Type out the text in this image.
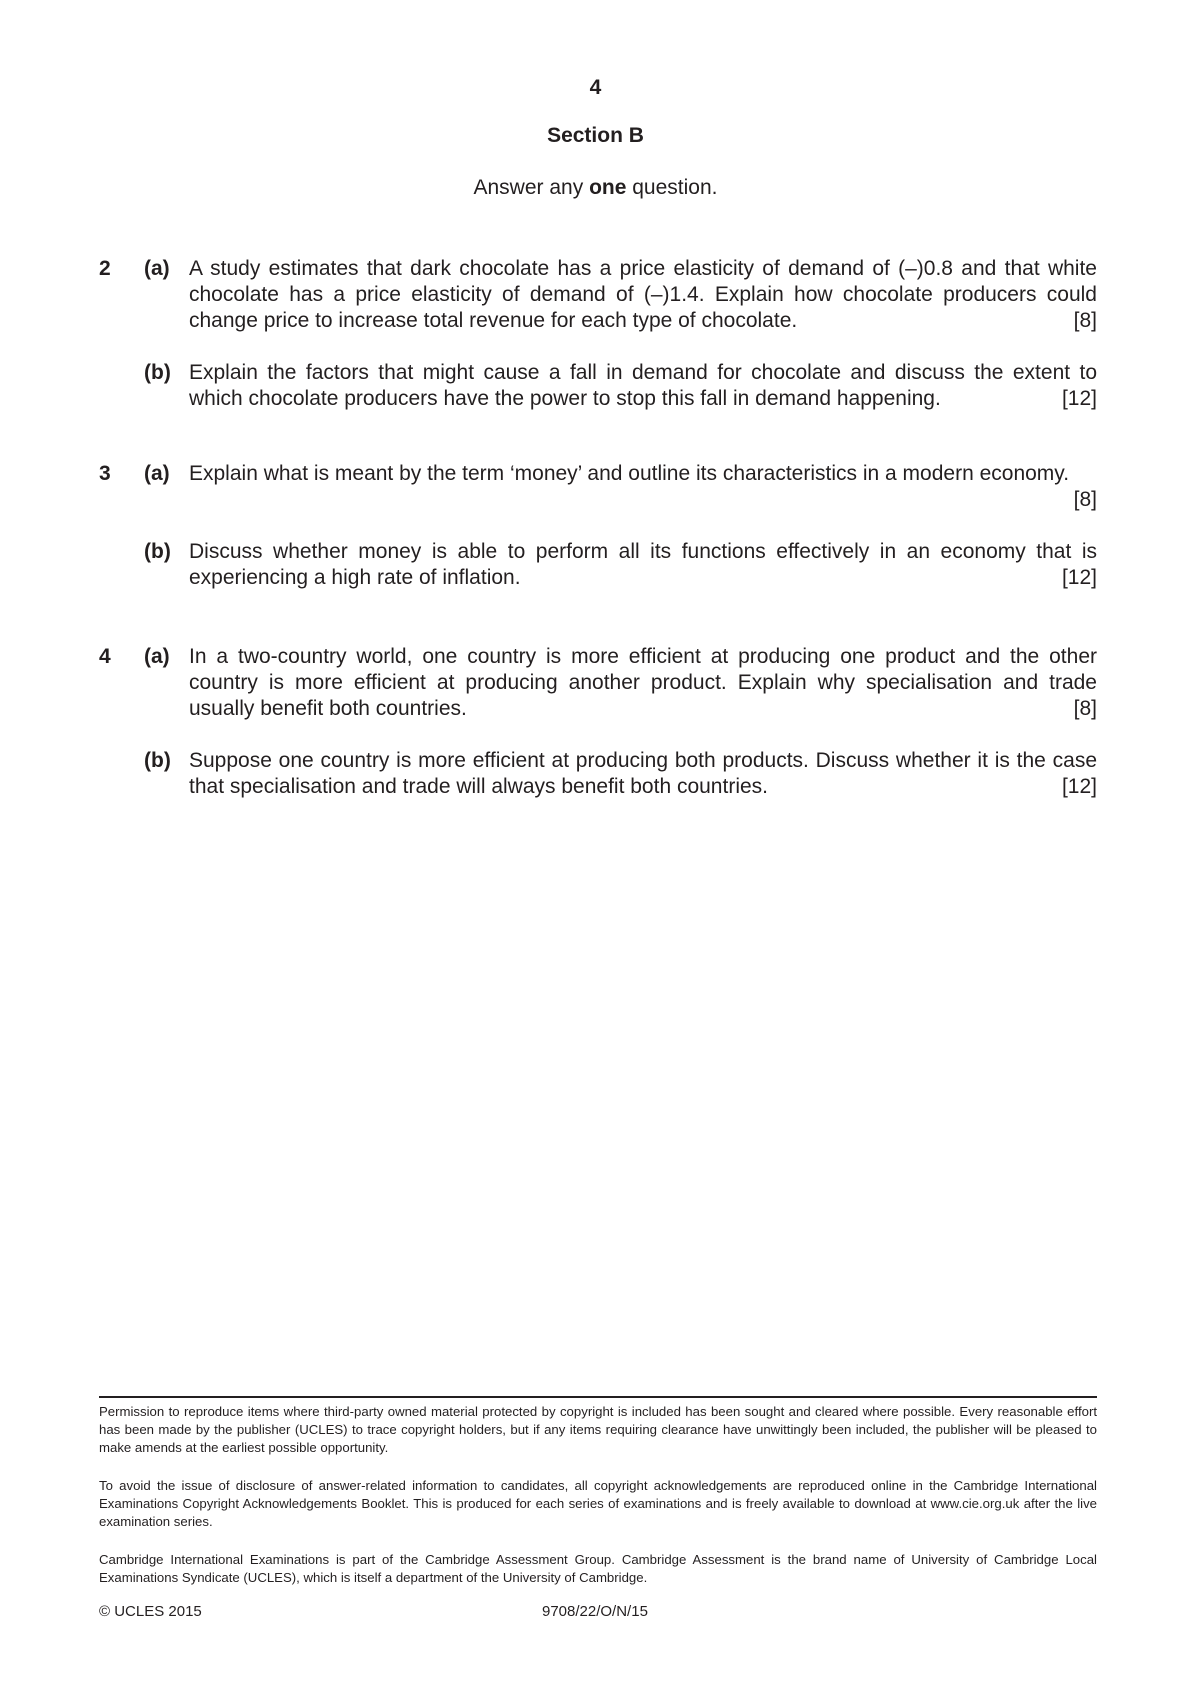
4
Section B
Answer any one question.
2 (a) A study estimates that dark chocolate has a price elasticity of demand of (–)0.8 and that white chocolate has a price elasticity of demand of (–)1.4. Explain how chocolate producers could change price to increase total revenue for each type of chocolate.	[8]
(b) Explain the factors that might cause a fall in demand for chocolate and discuss the extent to which chocolate producers have the power to stop this fall in demand happening.	[12]
3 (a) Explain what is meant by the term ‘money’ and outline its characteristics in a modern economy.
[8]
(b) Discuss whether money is able to perform all its functions effectively in an economy that is experiencing a high rate of inflation.	[12]
4 (a) In a two-country world, one country is more efficient at producing one product and the other country is more efficient at producing another product. Explain why specialisation and trade usually benefit both countries.	[8]
(b) Suppose one country is more efficient at producing both products. Discuss whether it is the case that specialisation and trade will always benefit both countries.	[12]
Permission to reproduce items where third-party owned material protected by copyright is included has been sought and cleared where possible. Every reasonable effort has been made by the publisher (UCLES) to trace copyright holders, but if any items requiring clearance have unwittingly been included, the publisher will be pleased to make amends at the earliest possible opportunity.
To avoid the issue of disclosure of answer-related information to candidates, all copyright acknowledgements are reproduced online in the Cambridge International Examinations Copyright Acknowledgements Booklet. This is produced for each series of examinations and is freely available to download at www.cie.org.uk after the live examination series.
Cambridge International Examinations is part of the Cambridge Assessment Group. Cambridge Assessment is the brand name of University of Cambridge Local Examinations Syndicate (UCLES), which is itself a department of the University of Cambridge.
© UCLES 2015	9708/22/O/N/15
